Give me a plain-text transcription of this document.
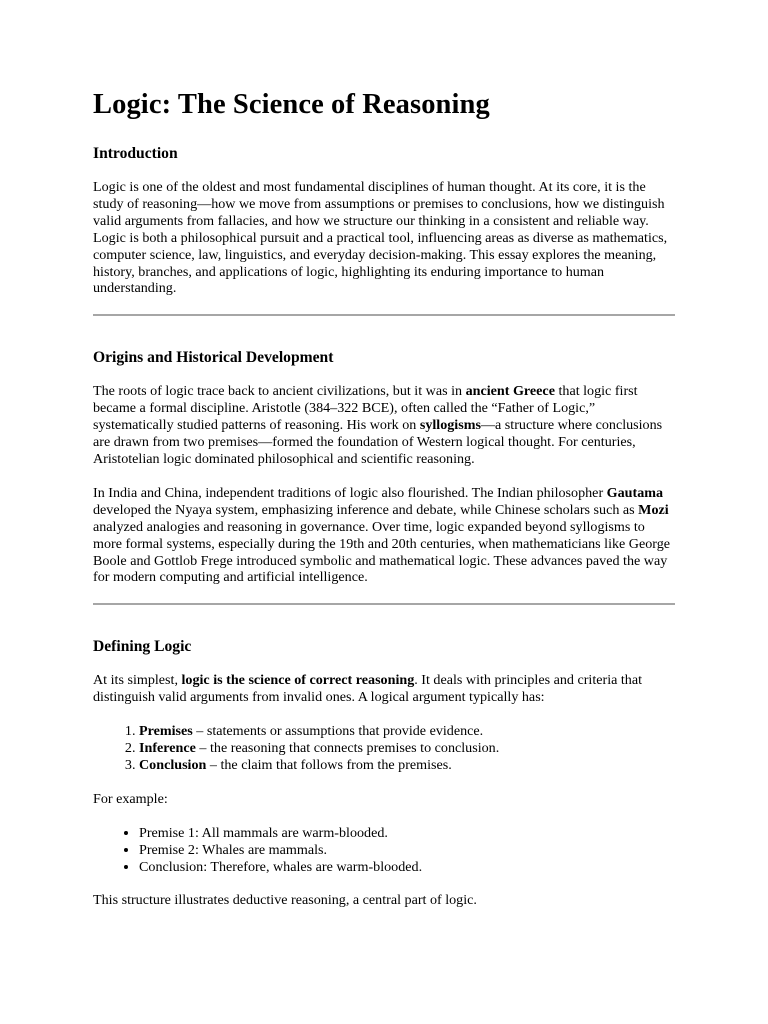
Logic: The Science of Reasoning
Introduction

Logic is one of the oldest and most fundamental disciplines of human thought. At its core, it is the study of reasoning—how we move from assumptions or premises to conclusions, how we distinguish valid arguments from fallacies, and how we structure our thinking in a consistent and reliable way. Logic is both a philosophical pursuit and a practical tool, influencing areas as diverse as mathematics, computer science, law, linguistics, and everyday decision-making. This essay explores the meaning, history, branches, and applications of logic, highlighting its enduring importance to human understanding.

Origins and Historical Development

The roots of logic trace back to ancient civilizations, but it was in ancient Greece that logic first became a formal discipline. Aristotle (384–322 BCE), often called the “Father of Logic,” systematically studied patterns of reasoning. His work on syllogisms—a structure where conclusions are drawn from two premises—formed the foundation of Western logical thought. For centuries, Aristotelian logic dominated philosophical and scientific reasoning.

In India and China, independent traditions of logic also flourished. The Indian philosopher Gautama developed the Nyaya system, emphasizing inference and debate, while Chinese scholars such as Mozi analyzed analogies and reasoning in governance. Over time, logic expanded beyond syllogisms to more formal systems, especially during the 19th and 20th centuries, when mathematicians like George Boole and Gottlob Frege introduced symbolic and mathematical logic. These advances paved the way for modern computing and artificial intelligence.

Defining Logic

At its simplest, logic is the science of correct reasoning. It deals with principles and criteria that distinguish valid arguments from invalid ones. A logical argument typically has:

1. Premises – statements or assumptions that provide evidence.
2. Inference – the reasoning that connects premises to conclusion.
3. Conclusion – the claim that follows from the premises.

For example:

• Premise 1: All mammals are warm-blooded.
• Premise 2: Whales are mammals.
• Conclusion: Therefore, whales are warm-blooded.

This structure illustrates deductive reasoning, a central part of logic.
